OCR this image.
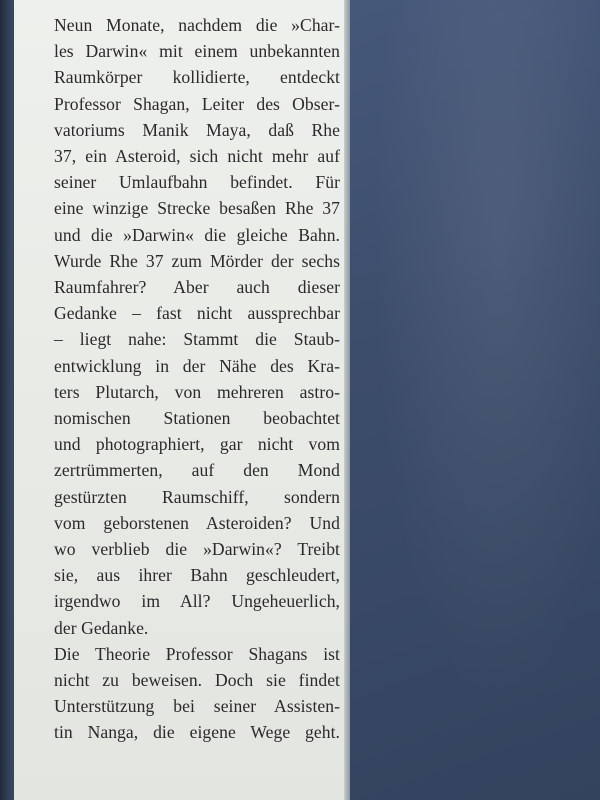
Neun Monate, nachdem die »Char-
les Darwin« mit einem unbekannten
Raumkörper kollidierte, entdeckt
Professor Shagan, Leiter des Obser-
vatoriums Manik Maya, daß Rhe
37, ein Asteroid, sich nicht mehr auf
seiner Umlaufbahn befindet. Für
eine winzige Strecke besaßen Rhe 37
und die »Darwin« die gleiche Bahn.
Wurde Rhe 37 zum Mörder der sechs
Raumfahrer? Aber auch dieser
Gedanke – fast nicht aussprechbar
– liegt nahe: Stammt die Staub-
entwicklung in der Nähe des Kra-
ters Plutarch, von mehreren astro-
nomischen Stationen beobachtet
und photographiert, gar nicht vom
zertrümmerten, auf den Mond
gestürzten Raumschiff, sondern
vom geborstenen Asteroiden? Und
wo verblieb die »Darwin«? Treibt
sie, aus ihrer Bahn geschleudert,
irgendwo im All? Ungeheuerlich,
der Gedanke.
Die Theorie Professor Shagans ist
nicht zu beweisen. Doch sie findet
Unterstützung bei seiner Assisten-
tin Nanga, die eigene Wege geht.
